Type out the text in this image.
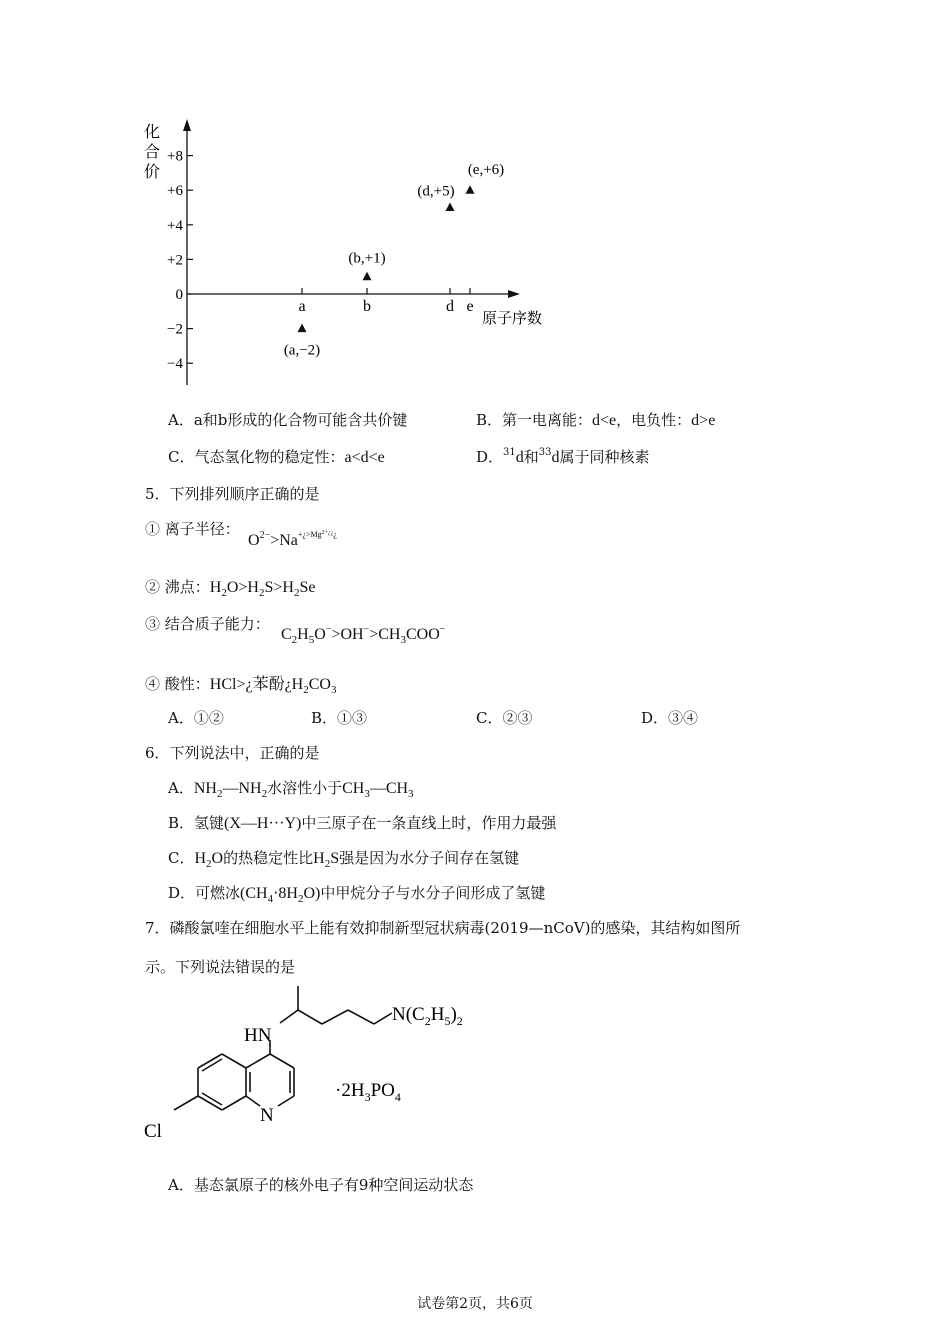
化
合
价
+8
+6
+4
+2
0
−2
−4
a	b	d e
(a,−2)
(b,+1)
(d,+5)
(e,+6)
原子序数
A．a和b形成的化合物可能含共价键	B．第一电离能：d<e，电负性：d>e
C．气态氢化物的稳定性：a<d<e	D．$^{31}$d和$^{33}$d属于同种核素
5．下列排列顺序正确的是
① 离子半径：
$O^{2-}>Na^{+¿>Mg2+¿¿¿}$
② 沸点：$H_2O>H_2S>H_2Se$
③ 结合质子能力：
$C_2H_5O^->OH^->CH_3COO^-$
④ 酸性：HCl>¿苯酚¿$H_2CO_3$
A．①②	B．①③	C．②③	D．③④
6．下列说法中，正确的是
A．$NH_2—NH_2$水溶性小于$CH_3—CH_3$
B．氢键(X—H···Y)中三原子在一条直线上时，作用力最强
C．$H_2O$的热稳定性比$H_2S$强是因为水分子间存在氢键
D．可燃冰$(CH_4\cdot 8H_2O)$中甲烷分子与水分子间形成了氢键
7．磷酸氯喹在细胞水平上能有效抑制新型冠状病毒(2019—nCoV)的感染，其结构如图所
示。下列说法错误的是
HN
N
Cl
$N(C_2H_5)_2$
$\cdot 2H_3PO_4$
A．基态氯原子的核外电子有9种空间运动状态
试卷第2页，共6页
